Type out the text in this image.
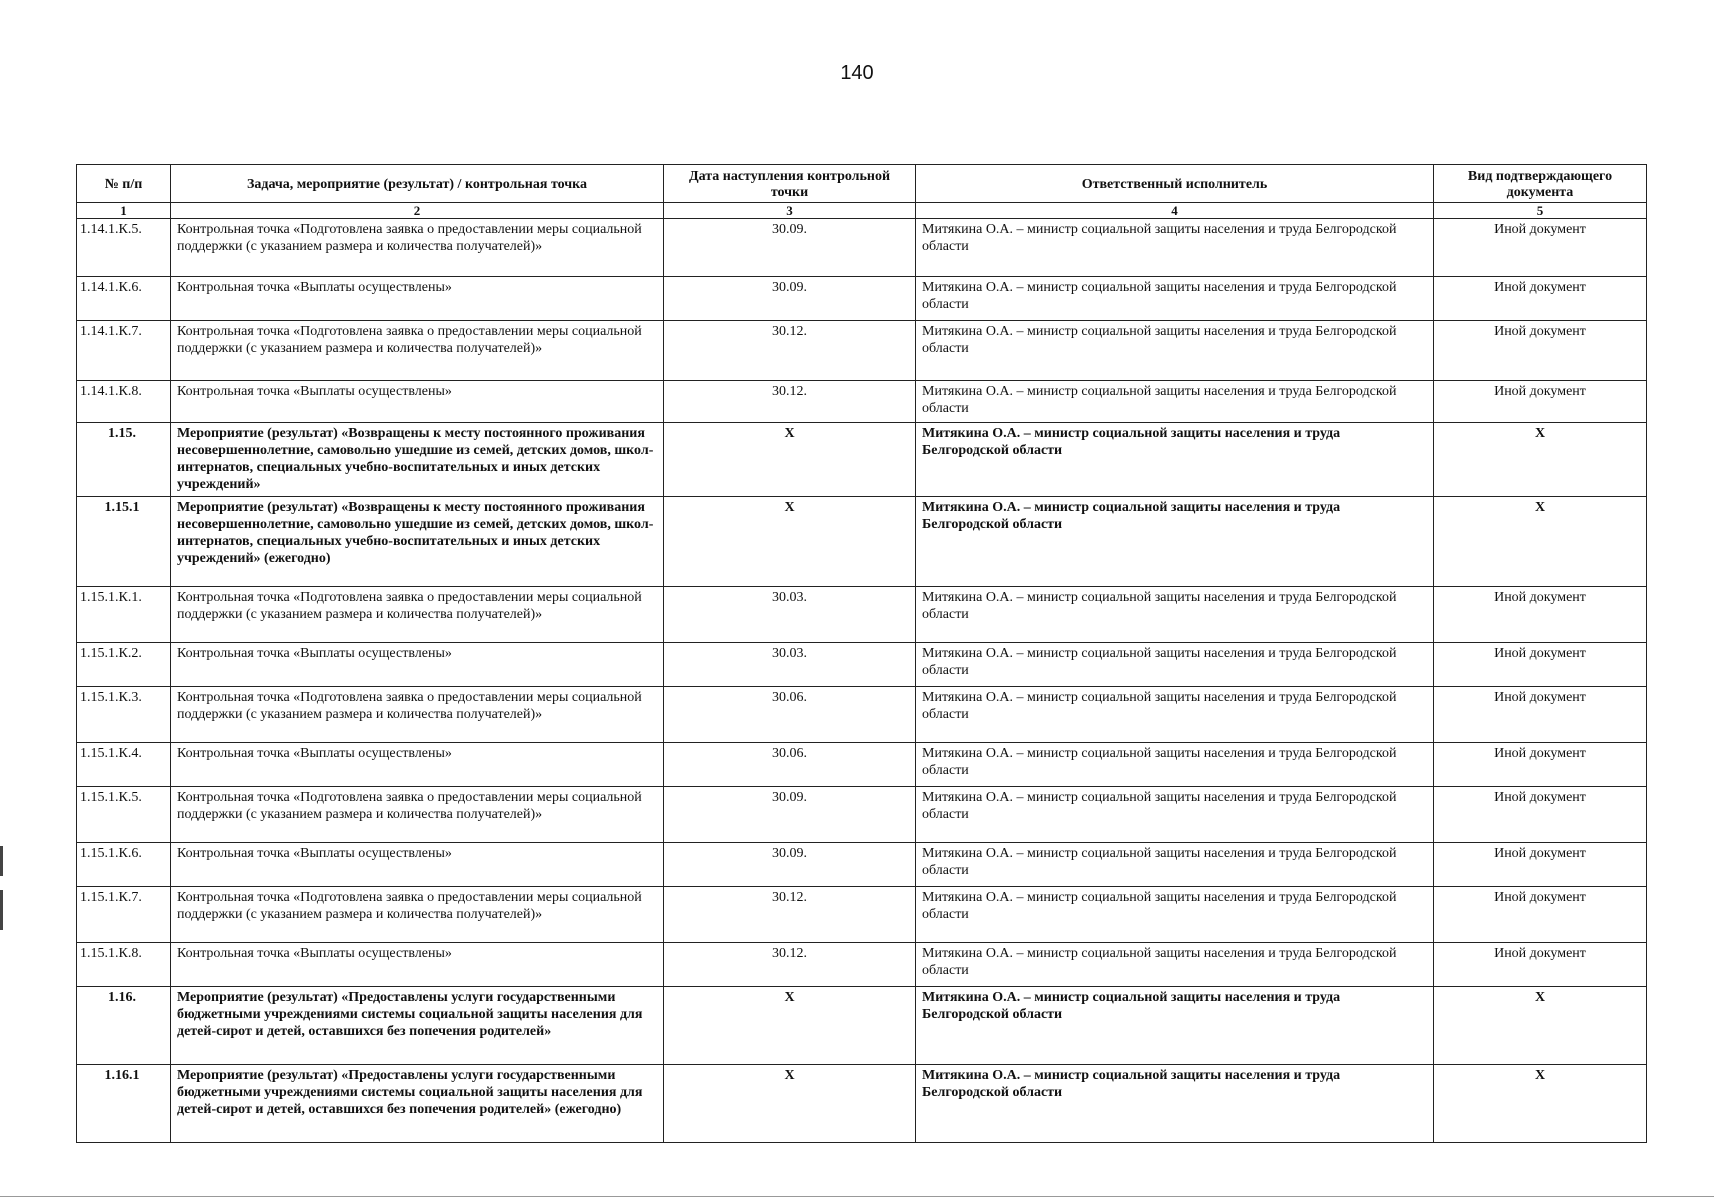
140
№ п/п	Задача, мероприятие (результат) / контрольная точка	Дата наступления контрольной точки	Ответственный исполнитель	Вид подтверждающего документа
1	2	3	4	5
1.14.1.К.5.	Контрольная точка «Подготовлена заявка о предоставлении меры социальной поддержки (с указанием размера и количества получателей)»	30.09.	Митякина О.А. – министр социальной защиты населения и труда Белгородской области	Иной документ
1.14.1.К.6.	Контрольная точка «Выплаты осуществлены»	30.09.	Митякина О.А. – министр социальной защиты населения и труда Белгородской области	Иной документ
1.14.1.К.7.	Контрольная точка «Подготовлена заявка о предоставлении меры социальной поддержки (с указанием размера и количества получателей)»	30.12.	Митякина О.А. – министр социальной защиты населения и труда Белгородской области	Иной документ
1.14.1.К.8.	Контрольная точка «Выплаты осуществлены»	30.12.	Митякина О.А. – министр социальной защиты населения и труда Белгородской области	Иной документ
1.15.	Мероприятие (результат) «Возвращены к месту постоянного проживания несовершеннолетние, самовольно ушедшие из семей, детских домов, школ-интернатов, специальных учебно-воспитательных и иных детских учреждений»	X	Митякина О.А. – министр социальной защиты населения и труда Белгородской области	X
1.15.1	Мероприятие (результат) «Возвращены к месту постоянного проживания несовершеннолетние, самовольно ушедшие из семей, детских домов, школ-интернатов, специальных учебно-воспитательных и иных детских учреждений» (ежегодно)	X	Митякина О.А. – министр социальной защиты населения и труда Белгородской области	X
1.15.1.К.1.	Контрольная точка «Подготовлена заявка о предоставлении меры социальной поддержки (с указанием размера и количества получателей)»	30.03.	Митякина О.А. – министр социальной защиты населения и труда Белгородской области	Иной документ
1.15.1.К.2.	Контрольная точка «Выплаты осуществлены»	30.03.	Митякина О.А. – министр социальной защиты населения и труда Белгородской области	Иной документ
1.15.1.К.3.	Контрольная точка «Подготовлена заявка о предоставлении меры социальной поддержки (с указанием размера и количества получателей)»	30.06.	Митякина О.А. – министр социальной защиты населения и труда Белгородской области	Иной документ
1.15.1.К.4.	Контрольная точка «Выплаты осуществлены»	30.06.	Митякина О.А. – министр социальной защиты населения и труда Белгородской области	Иной документ
1.15.1.К.5.	Контрольная точка «Подготовлена заявка о предоставлении меры социальной поддержки (с указанием размера и количества получателей)»	30.09.	Митякина О.А. – министр социальной защиты населения и труда Белгородской области	Иной документ
1.15.1.К.6.	Контрольная точка «Выплаты осуществлены»	30.09.	Митякина О.А. – министр социальной защиты населения и труда Белгородской области	Иной документ
1.15.1.К.7.	Контрольная точка «Подготовлена заявка о предоставлении меры социальной поддержки (с указанием размера и количества получателей)»	30.12.	Митякина О.А. – министр социальной защиты населения и труда Белгородской области	Иной документ
1.15.1.К.8.	Контрольная точка «Выплаты осуществлены»	30.12.	Митякина О.А. – министр социальной защиты населения и труда Белгородской области	Иной документ
1.16.	Мероприятие (результат) «Предоставлены услуги государственными бюджетными учреждениями системы социальной защиты населения для детей-сирот и детей, оставшихся без попечения родителей»	X	Митякина О.А. – министр социальной защиты населения и труда Белгородской области	X
1.16.1	Мероприятие (результат) «Предоставлены услуги государственными бюджетными учреждениями системы социальной защиты населения для детей-сирот и детей, оставшихся без попечения родителей» (ежегодно)	X	Митякина О.А. – министр социальной защиты населения и труда Белгородской области	X
